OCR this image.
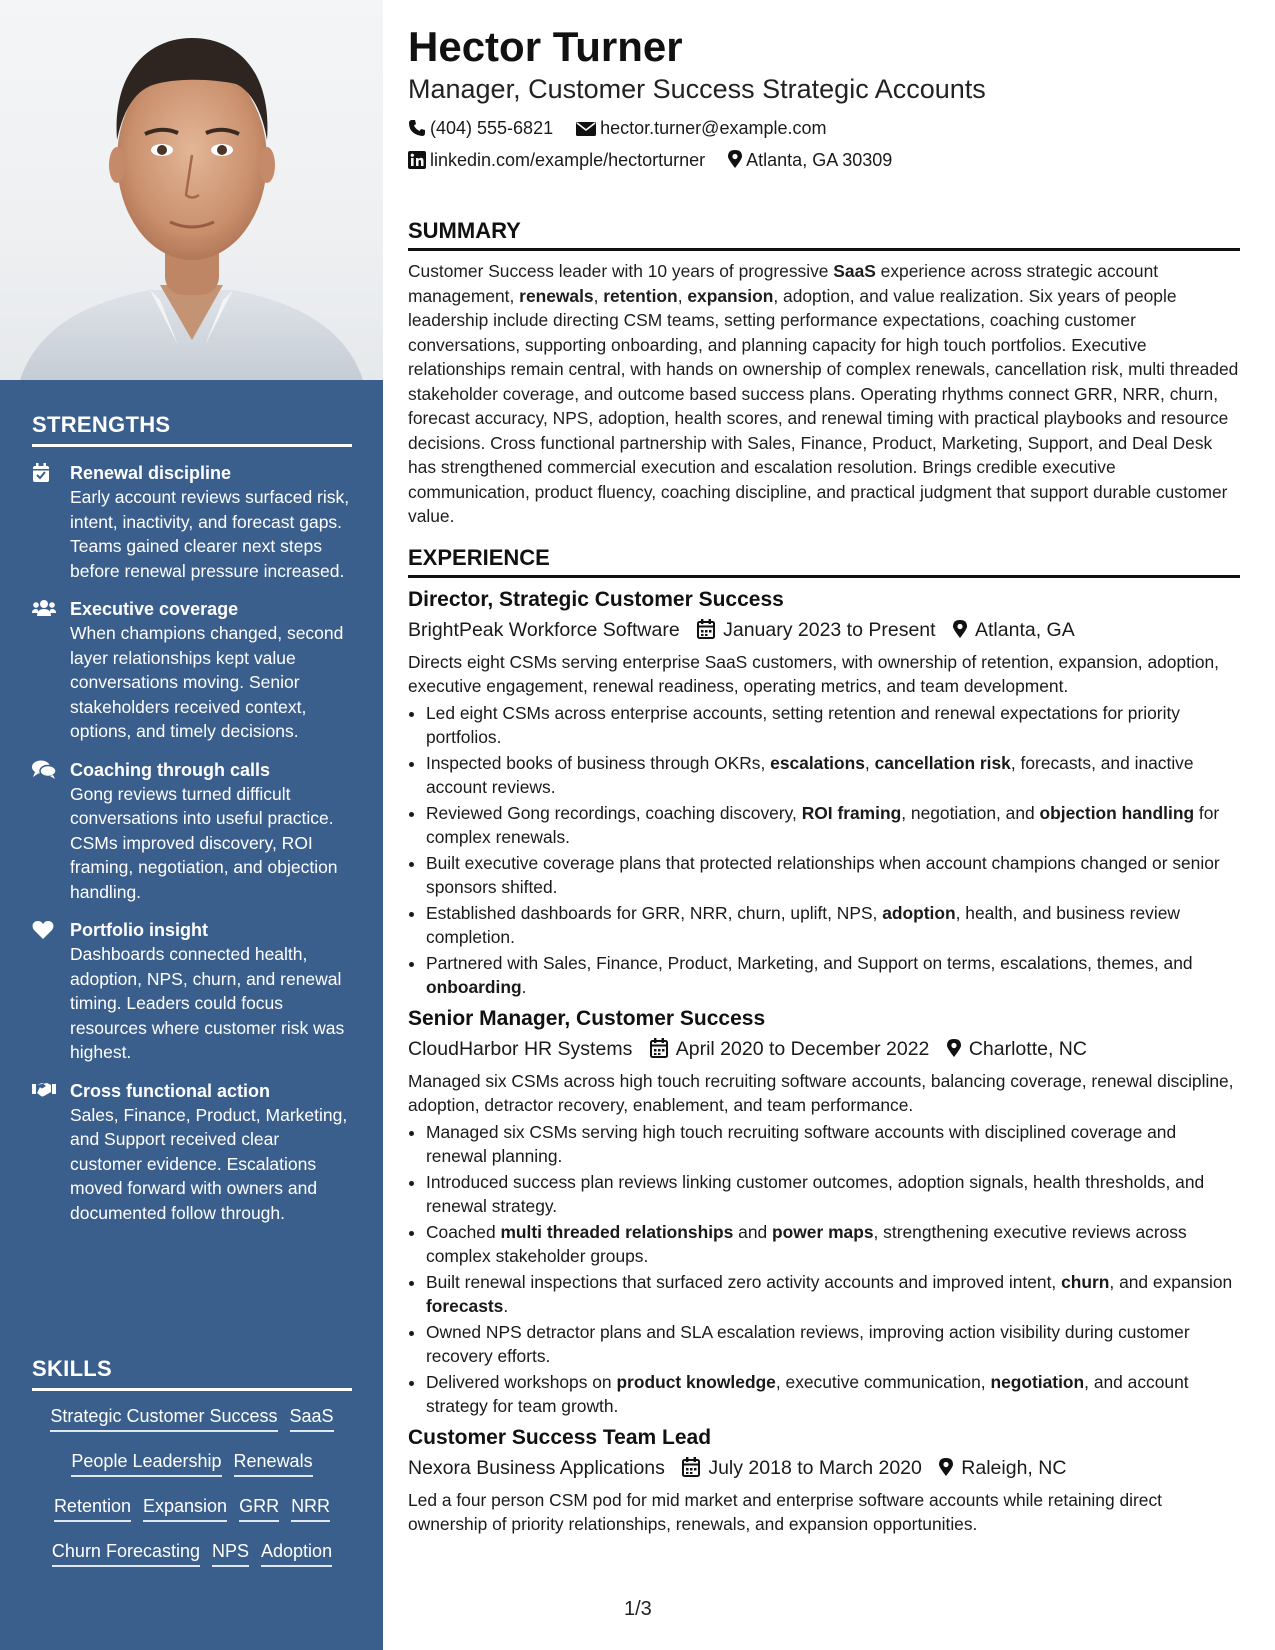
STRENGTHS
Renewal discipline
Early account reviews surfaced risk, intent, inactivity, and forecast gaps. Teams gained clearer next steps before renewal pressure increased.
Executive coverage
When champions changed, second layer relationships kept value conversations moving. Senior stakeholders received context, options, and timely decisions.
Coaching through calls
Gong reviews turned difficult conversations into useful practice. CSMs improved discovery, ROI framing, negotiation, and objection handling.
Portfolio insight
Dashboards connected health, adoption, NPS, churn, and renewal timing. Leaders could focus resources where customer risk was highest.
Cross functional action
Sales, Finance, Product, Marketing, and Support received clear customer evidence. Escalations moved forward with owners and documented follow through.
SKILLS
Strategic Customer Success SaaS
People Leadership Renewals
Retention Expansion GRR NRR
Churn Forecasting NPS Adoption
Hector Turner
Manager, Customer Success Strategic Accounts
(404) 555-6821	hector.turner@example.com
linkedin.com/example/hectorturner Atlanta, GA 30309
SUMMARY

Customer Success leader with 10 years of progressive SaaS experience across strategic account management, renewals, retention, expansion, adoption, and value realization. Six years of people leadership include directing CSM teams, setting performance expectations, coaching customer conversations, supporting onboarding, and planning capacity for high touch portfolios. Executive relationships remain central, with hands on ownership of complex renewals, cancellation risk, multi threaded stakeholder coverage, and outcome based success plans. Operating rhythms connect GRR, NRR, churn, forecast accuracy, NPS, adoption, health scores, and renewal timing with practical playbooks and resource decisions. Cross functional partnership with Sales, Finance, Product, Marketing, Support, and Deal Desk has strengthened commercial execution and escalation resolution. Brings credible executive communication, product fluency, coaching discipline, and practical judgment that support durable customer value.

EXPERIENCE
Director, Strategic Customer Success
BrightPeak Workforce Software January 2023 to Present Atlanta, GA

Directs eight CSMs serving enterprise SaaS customers, with ownership of retention, expansion, adoption, executive engagement, renewal readiness, operating metrics, and team development.

• Led eight CSMs across enterprise accounts, setting retention and renewal expectations for priority portfolios.
• Inspected books of business through OKRs, escalations, cancellation risk, forecasts, and inactive account reviews.
• Reviewed Gong recordings, coaching discovery, ROI framing, negotiation, and objection handling for complex renewals.
• Built executive coverage plans that protected relationships when account champions changed or senior sponsors shifted.
• Established dashboards for GRR, NRR, churn, uplift, NPS, adoption, health, and business review completion.
• Partnered with Sales, Finance, Product, Marketing, and Support on terms, escalations, themes, and onboarding.
Senior Manager, Customer Success
CloudHarbor HR Systems April 2020 to December 2022 Charlotte, NC

Managed six CSMs across high touch recruiting software accounts, balancing coverage, renewal discipline, adoption, detractor recovery, enablement, and team performance.

• Managed six CSMs serving high touch recruiting software accounts with disciplined coverage and renewal planning.
• Introduced success plan reviews linking customer outcomes, adoption signals, health thresholds, and renewal strategy.
• Coached multi threaded relationships and power maps, strengthening executive reviews across complex stakeholder groups.
• Built renewal inspections that surfaced zero activity accounts and improved intent, churn, and expansion forecasts.
• Owned NPS detractor plans and SLA escalation reviews, improving action visibility during customer recovery efforts.
• Delivered workshops on product knowledge, executive communication, negotiation, and account strategy for team growth.
Customer Success Team Lead
Nexora Business Applications July 2018 to March 2020 Raleigh, NC

Led a four person CSM pod for mid market and enterprise software accounts while retaining direct ownership of priority relationships, renewals, and expansion opportunities.

1/3
